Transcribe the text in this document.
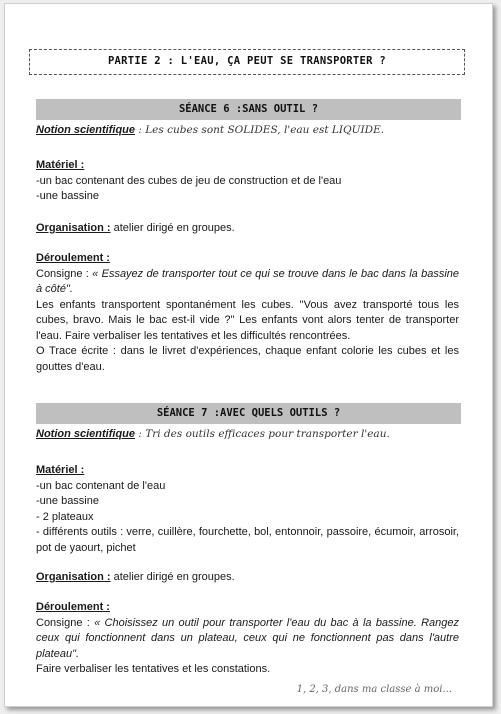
PARTIE 2 : L'EAU, ÇA PEUT SE TRANSPORTER ?
SÉANCE 6 :SANS OUTIL ?
Notion scientifique : Les cubes sont SOLIDES, l'eau est LIQUIDE.
Matériel :
-un bac contenant des cubes de jeu de construction et de l'eau
-une bassine
Organisation : atelier dirigé en groupes.
Déroulement :
Consigne : « Essayez de transporter tout ce qui se trouve dans le bac dans la bassine à côté".
Les enfants transportent spontanément les cubes. "Vous avez transporté tous les cubes, bravo. Mais le bac est-il vide ?" Les enfants vont alors tenter de transporter l'eau. Faire verbaliser les tentatives et les difficultés rencontrées.
O Trace écrite : dans le livret d'expériences, chaque enfant colorie les cubes et les gouttes d'eau.
SÉANCE 7 :AVEC QUELS OUTILS ?
Notion scientifique : Tri des outils efficaces pour transporter l'eau.
Matériel :
-un bac contenant de l'eau
-une bassine
- 2 plateaux
- différents outils : verre, cuillère, fourchette, bol, entonnoir, passoire, écumoir, arrosoir, pot de yaourt, pichet
Organisation : atelier dirigé en groupes.
Déroulement :
Consigne : « Choisissez un outil pour transporter l'eau du bac à la bassine. Rangez ceux qui fonctionnent dans un plateau, ceux qui ne fonctionnent pas dans l'autre plateau".
Faire verbaliser les tentatives et les constations.
1, 2, 3, dans ma classe à moi...
